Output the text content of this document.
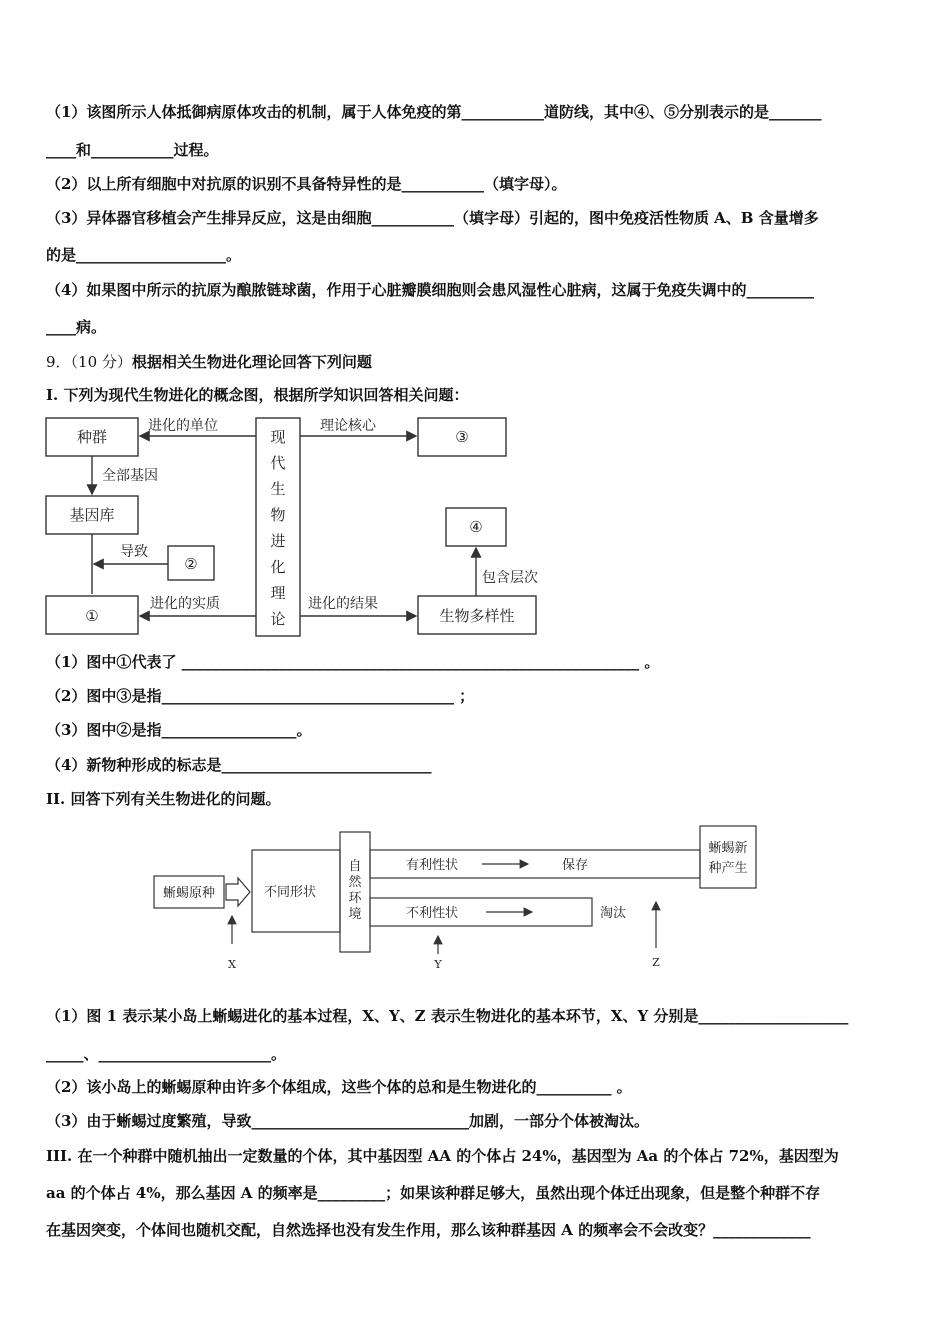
（1）该图所示人体抵御病原体攻击的机制，属于人体免疫的第___________道防线，其中④、⑤分别表示的是_______
____和___________过程。
（2）以上所有细胞中对抗原的识别不具备特异性的是___________（填字母）。
（3）异体器官移植会产生排异反应，这是由细胞___________（填字母）引起的，图中免疫活性物质 A、B 含量增多
的是____________________。
（4）如果图中所示的抗原为酿脓链球菌，作用于心脏瓣膜细胞则会患风湿性心脏病，这属于免疫失调中的_________
____病。
9．（10 分）根据相关生物进化理论回答下列问题
I. 下列为现代生物进化的概念图，根据所学知识回答相关问题：
种群
基因库
①
②
③
④
生物多样性
现
代
生
物
进
化
理
论
进化的单位	理论核心
全部基因
导致
进化的实质	进化的结果
包含层次
（1）图中①代表了 _____________________________________________________________ 。
（2）图中③是指_______________________________________ ；
（3）图中②是指__________________。
（4）新物种形成的标志是____________________________
II. 回答下列有关生物进化的问题。
蜥蜴原种	不同形状
自
然
环
境
有利性状	保存
不利性状	淘汰
蜥蜴新
种产生
X	Y	Z
（1）图 1 表示某小岛上蜥蜴进化的基本过程，X、Y、Z 表示生物进化的基本环节，X、Y 分别是____________________
_____、_______________________。
（2）该小岛上的蜥蜴原种由许多个体组成，这些个体的总和是生物进化的__________ 。
（3）由于蜥蜴过度繁殖，导致_____________________________加剧，一部分个体被淘汰。
III. 在一个种群中随机抽出一定数量的个体，其中基因型 AA 的个体占 24%，基因型为 Aa 的个体占 72%，基因型为
aa 的个体占 4%，那么基因 A 的频率是_________；如果该种群足够大，虽然出现个体迁出现象，但是整个种群不存
在基因突变，个体间也随机交配，自然选择也没有发生作用，那么该种群基因 A 的频率会不会改变？_____________
